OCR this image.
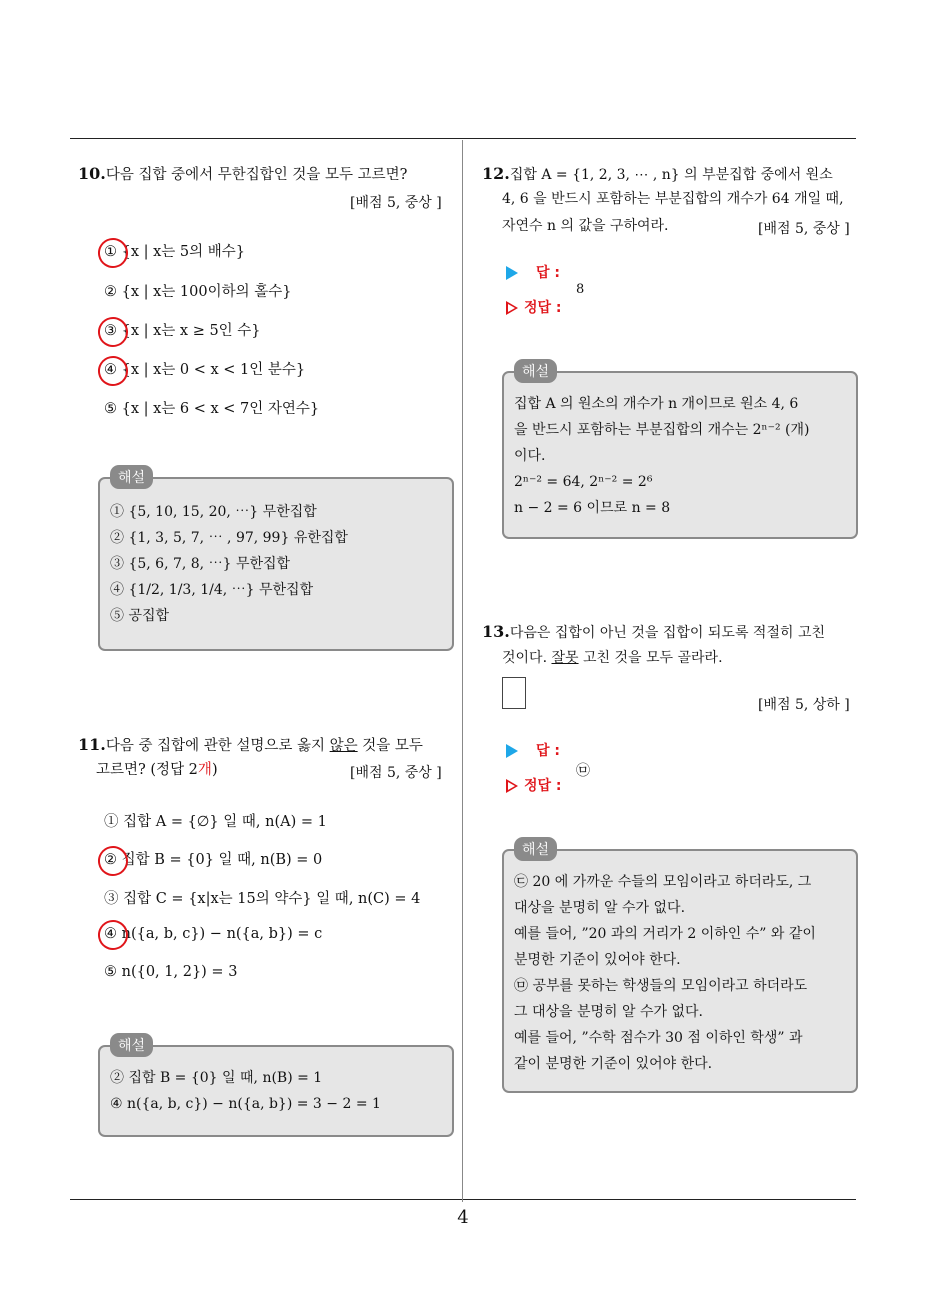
10.다음 집합 중에서 무한집합인 것을 모두 고르면?
[배점 5, 중상 ]
① {x | x는 5의 배수}
② {x | x는 100이하의 홀수}
③ {x | x는 x ≥ 5인 수}
④ {x | x는 0 < x < 1인 분수}
⑤ {x | x는 6 < x < 7인 자연수}
해설
① {5, 10, 15, 20, ⋯} 무한집합
② {1, 3, 5, 7, ⋯ , 97, 99} 유한집합
③ {5, 6, 7, 8, ⋯} 무한집합
④ {1/2, 1/3, 1/4, ⋯} 무한집합
⑤ 공집합
11.다음 중 집합에 관한 설명으로 옳지 않은 것을 모두
고르면? (정답 2개)	[배점 5, 중상 ]
① 집합 A = {∅} 일 때, n(A) = 1
② 집합 B = {0} 일 때, n(B) = 0
③ 집합 C = {x|x는 15의 약수} 일 때, n(C) = 4
④ n({a, b, c}) − n({a, b}) = c
⑤ n({0, 1, 2}) = 3
해설
② 집합 B = {0} 일 때, n(B) = 1
④ n({a, b, c}) − n({a, b}) = 3 − 2 = 1
12.집합 A = {1, 2, 3, ⋯ , n} 의 부분집합 중에서 원소
4, 6 을 반드시 포함하는 부분집합의 개수가 64 개일 때,
자연수 n 의 값을 구하여라.	[배점 5, 중상 ]
답 :
8
정답 :
해설
집합 A 의 원소의 개수가 n 개이므로 원소 4, 6
을 반드시 포함하는 부분집합의 개수는 2ⁿ⁻² (개)
이다.
2ⁿ⁻² = 64, 2ⁿ⁻² = 2⁶
n − 2 = 6 이므로 n = 8
13.다음은 집합이 아닌 것을 집합이 되도록 적절히 고친
것이다. 잘못 고친 것을 모두 골라라.
[배점 5, 상하 ]
답 :
㉤
정답 :
해설
㉢ 20 에 가까운 수들의 모임이라고 하더라도, 그
대상을 분명히 알 수가 없다.
예를 들어, ”20 과의 거리가 2 이하인 수” 와 같이
분명한 기준이 있어야 한다.
㉤ 공부를 못하는 학생들의 모임이라고 하더라도
그 대상을 분명히 알 수가 없다.
예를 들어, ”수학 점수가 30 점 이하인 학생” 과
같이 분명한 기준이 있어야 한다.
4
